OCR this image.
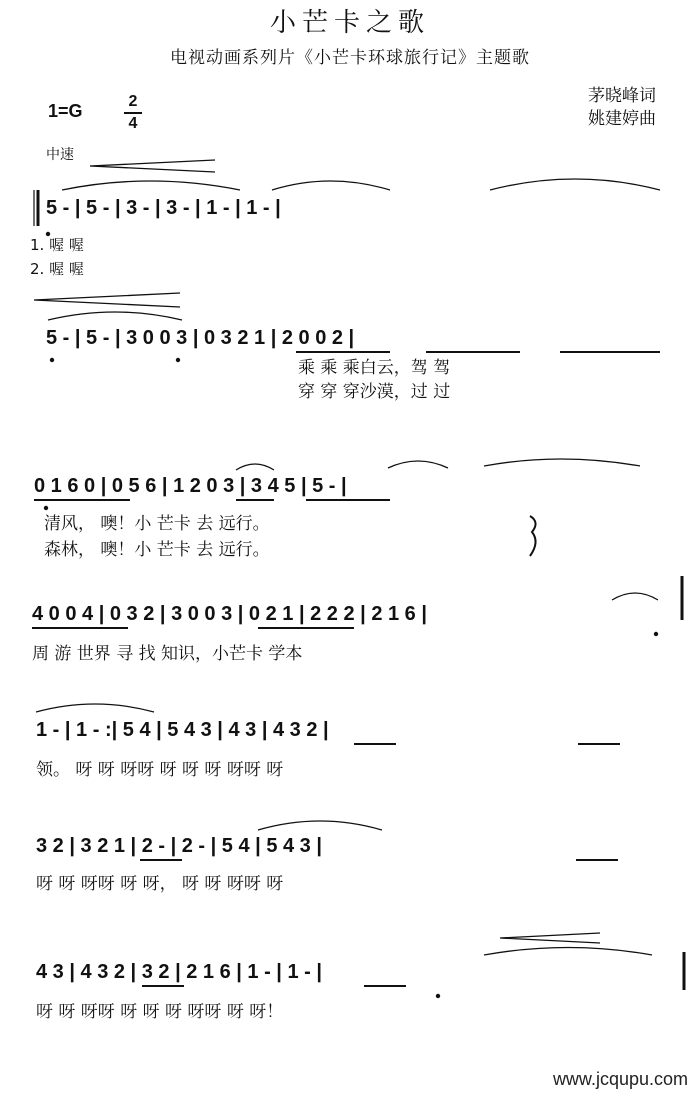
小芒卡之歌
电视动画系列片《小芒卡环球旅行记》主题歌
1=G	2
4
茅晓峰词
姚建婷曲
中速
5 - | 5 - | 3 - | 3 - | 1 - | 1 - |
1. 喔 喔
2. 喔 喔
5 - | 5 - | 3 0 0 3 | 0 3 2 1 | 2 0 0 2 |
乘 乘 乘白云，驾 驾
穿 穿 穿沙漠，过 过
0 1 6 0 | 0 5 6 | 1 2 0 3 | 3 4 5 | 5 - |
清风， 噢！小 芒卡 去 远行。
森林， 噢！小 芒卡 去 远行。
4 0 0 4 | 0 3 2 | 3 0 0 3 | 0 2 1 | 2 2 2 | 2 1 6 |
周 游 世界 寻 找 知识，小芒卡 学本
1 - | 1 - :| 5 4 | 5 4 3 | 4 3 | 4 3 2 |
领。 呀 呀 呀呀 呀 呀 呀 呀呀 呀
3 2 | 3 2 1 | 2 - | 2 - | 5 4 | 5 4 3 |
呀 呀 呀呀 呀 呀， 呀 呀 呀呀 呀
4 3 | 4 3 2 | 3 2 | 2 1 6 | 1 - | 1 - |
呀 呀 呀呀 呀 呀 呀 呀呀 呀 呀！
www.jcqupu.com
